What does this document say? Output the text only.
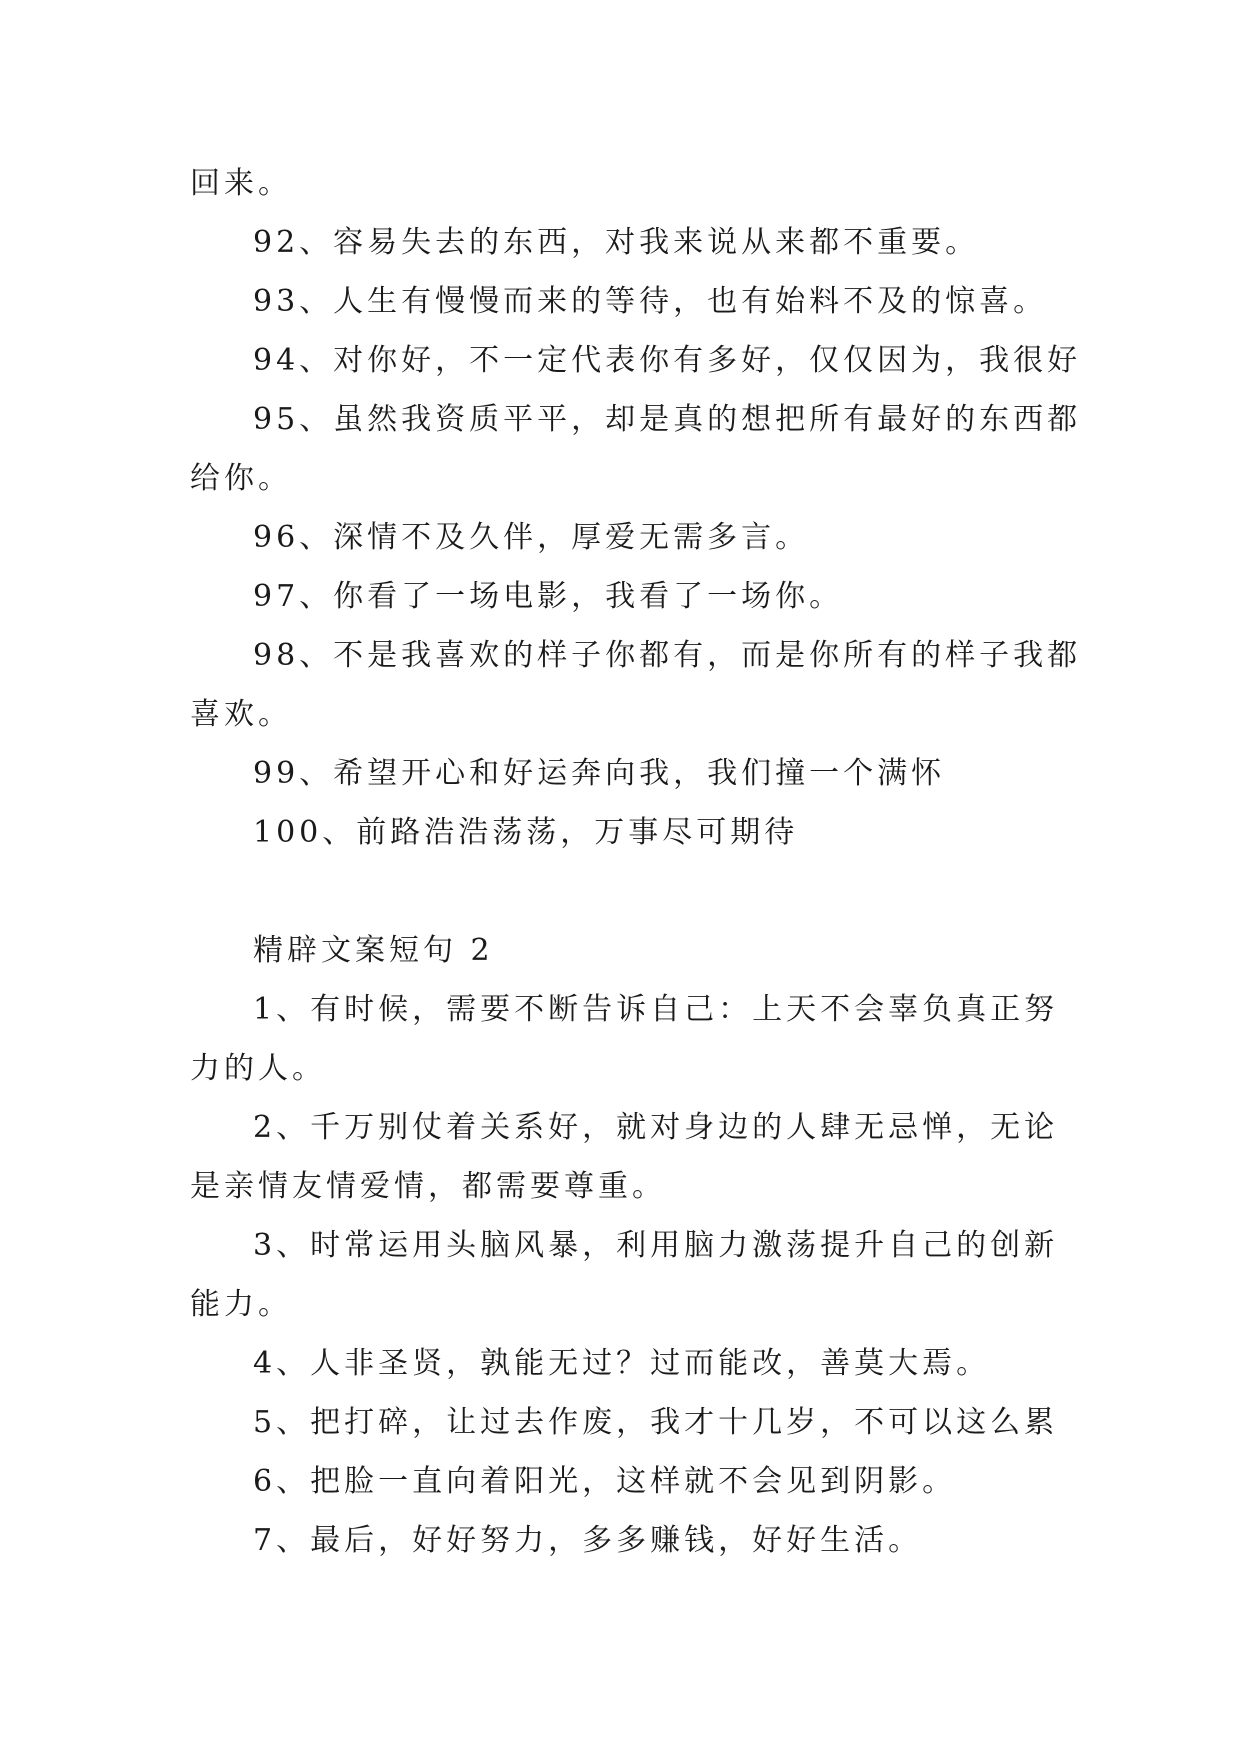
回来。
92、容易失去的东西，对我来说从来都不重要。
93、人生有慢慢而来的等待，也有始料不及的惊喜。
94、对你好，不一定代表你有多好，仅仅因为，我很好
95、虽然我资质平平，却是真的想把所有最好的东西都
给你。
96、深情不及久伴，厚爱无需多言。
97、你看了一场电影，我看了一场你。
98、不是我喜欢的样子你都有，而是你所有的样子我都
喜欢。
99、希望开心和好运奔向我，我们撞一个满怀
100、前路浩浩荡荡，万事尽可期待
精辟文案短句 2
1、有时候，需要不断告诉自己：上天不会辜负真正努
力的人。
2、千万别仗着关系好，就对身边的人肆无忌惮，无论
是亲情友情爱情，都需要尊重。
3、时常运用头脑风暴，利用脑力激荡提升自己的创新
能力。
4、人非圣贤，孰能无过？过而能改，善莫大焉。
5、把打碎，让过去作废，我才十几岁，不可以这么累
6、把脸一直向着阳光，这样就不会见到阴影。
7、最后，好好努力，多多赚钱，好好生活。
